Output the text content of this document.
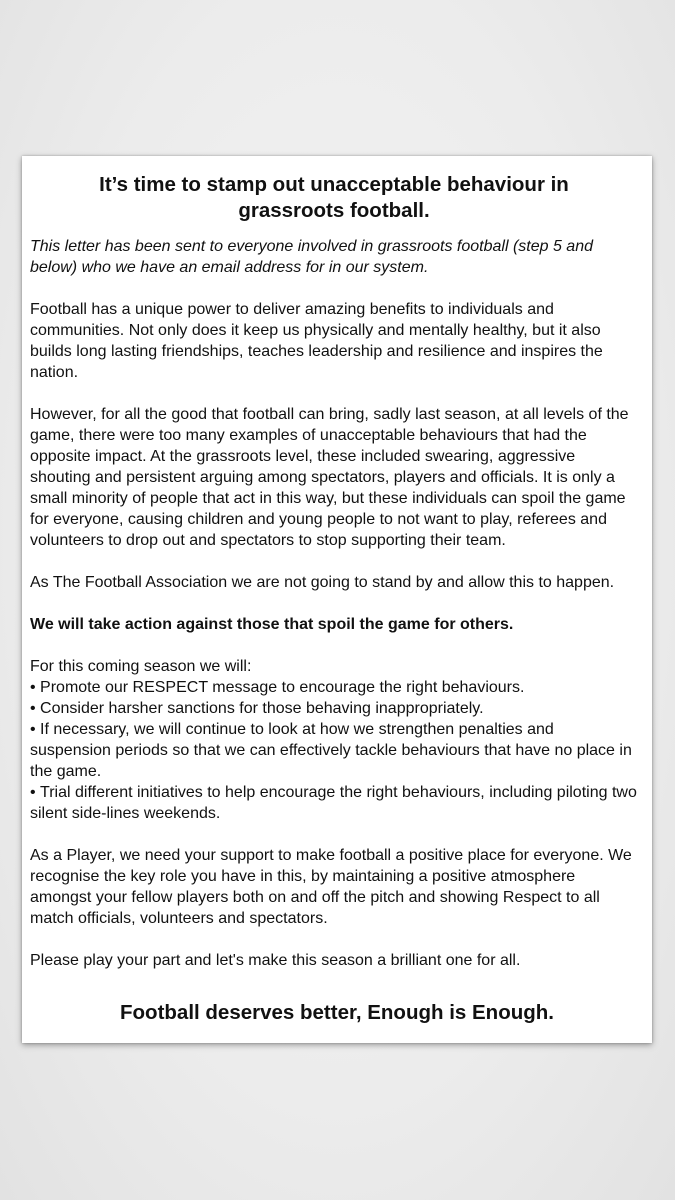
It’s time to stamp out unacceptable behaviour in grassroots football.

This letter has been sent to everyone involved in grassroots football (step 5 and below) who we have an email address for in our system.

Football has a unique power to deliver amazing benefits to individuals and communities. Not only does it keep us physically and mentally healthy, but it also builds long lasting friendships, teaches leadership and resilience and inspires the nation.

However, for all the good that football can bring, sadly last season, at all levels of the game, there were too many examples of unacceptable behaviours that had the opposite impact. At the grassroots level, these included swearing, aggressive shouting and persistent arguing among spectators, players and officials. It is only a small minority of people that act in this way, but these individuals can spoil the game for everyone, causing children and young people to not want to play, referees and volunteers to drop out and spectators to stop supporting their team.

As The Football Association we are not going to stand by and allow this to happen.

We will take action against those that spoil the game for others.

For this coming season we will:

• Promote our RESPECT message to encourage the right behaviours.
• Consider harsher sanctions for those behaving inappropriately.
• If necessary, we will continue to look at how we strengthen penalties and suspension periods so that we can effectively tackle behaviours that have no place in the game.
• Trial different initiatives to help encourage the right behaviours, including piloting two silent side-lines weekends.

As a Player, we need your support to make football a positive place for everyone. We recognise the key role you have in this, by maintaining a positive atmosphere amongst your fellow players both on and off the pitch and showing Respect to all match officials, volunteers and spectators.

Please play your part and let's make this season a brilliant one for all.

Football deserves better, Enough is Enough.
